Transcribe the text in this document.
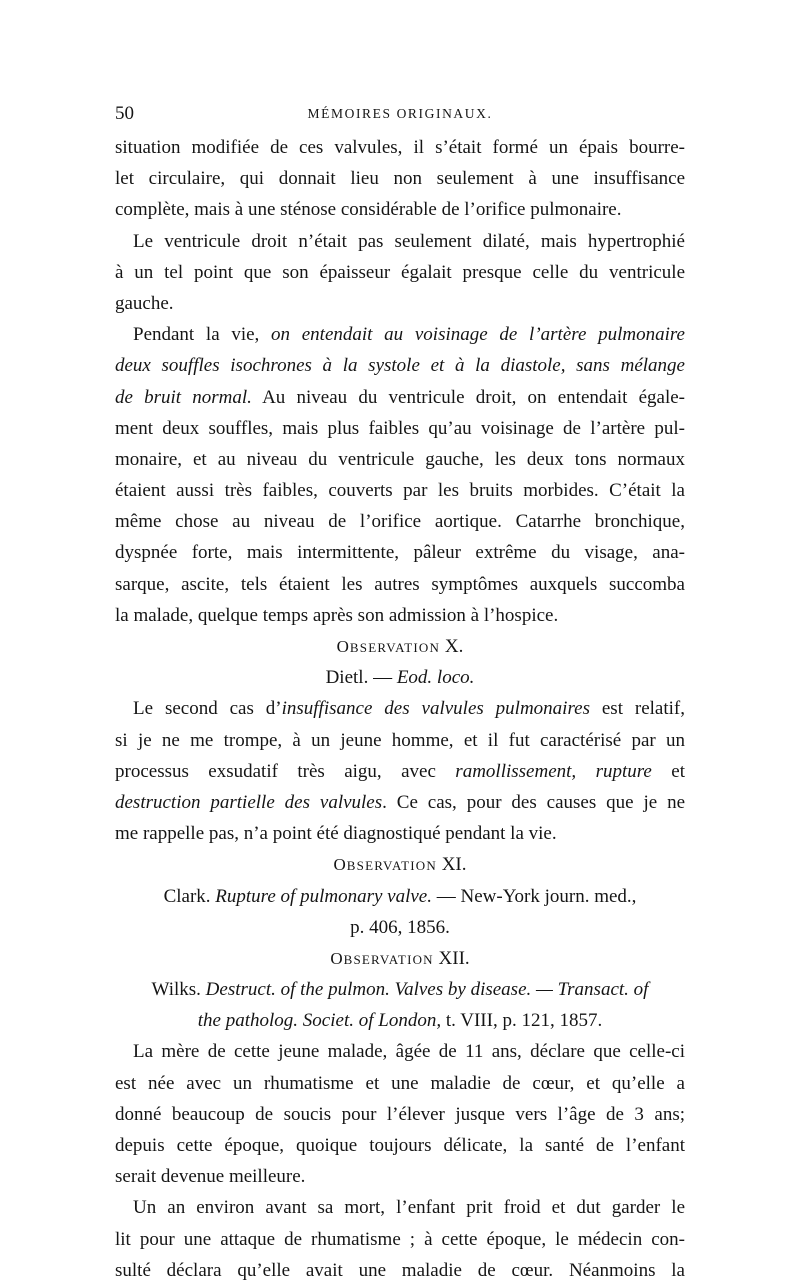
50	MÉMOIRES ORIGINAUX.
situation modifiée de ces valvules, il s’était formé un épais bourre-
let circulaire, qui donnait lieu non seulement à une insuffisance
complète, mais à une sténose considérable de l’orifice pulmonaire.
Le ventricule droit n’était pas seulement dilaté, mais hypertrophié
à un tel point que son épaisseur égalait presque celle du ventricule
gauche.
Pendant la vie, on entendait au voisinage de l’artère pulmonaire
deux souffles isochrones à la systole et à la diastole, sans mélange
de bruit normal. Au niveau du ventricule droit, on entendait égale-
ment deux souffles, mais plus faibles qu’au voisinage de l’artère pul-
monaire, et au niveau du ventricule gauche, les deux tons normaux
étaient aussi très faibles, couverts par les bruits morbides. C’était la
même chose au niveau de l’orifice aortique. Catarrhe bronchique,
dyspnée forte, mais intermittente, pâleur extrême du visage, ana-
sarque, ascite, tels étaient les autres symptômes auxquels succomba
la malade, quelque temps après son admission à l’hospice.
OBSERVATION X.
Dietl. — Eod. loco.
Le second cas d’insuffisance des valvules pulmonaires est relatif,
si je ne me trompe, à un jeune homme, et il fut caractérisé par un
processus exsudatif très aigu, avec ramollissement, rupture et
destruction partielle des valvules. Ce cas, pour des causes que je ne
me rappelle pas, n’a point été diagnostiqué pendant la vie.
OBSERVATION XI.
Clark. Rupture of pulmonary valve. — New-York journ. med.,
p. 406, 1856.
OBSERVATION XII.
Wilks. Destruct. of the pulmon. Valves by disease. — Transact. of
the patholog. Societ. of London, t. VIII, p. 121, 1857.
La mère de cette jeune malade, âgée de 11 ans, déclare que celle-ci
est née avec un rhumatisme et une maladie de cœur, et qu’elle a
donné beaucoup de soucis pour l’élever jusque vers l’âge de 3 ans;
depuis cette époque, quoique toujours délicate, la santé de l’enfant
serait devenue meilleure.
Un an environ avant sa mort, l’enfant prit froid et dut garder le
lit pour une attaque de rhumatisme ; à cette époque, le médecin con-
sulté déclara qu’elle avait une maladie de cœur. Néanmoins la
